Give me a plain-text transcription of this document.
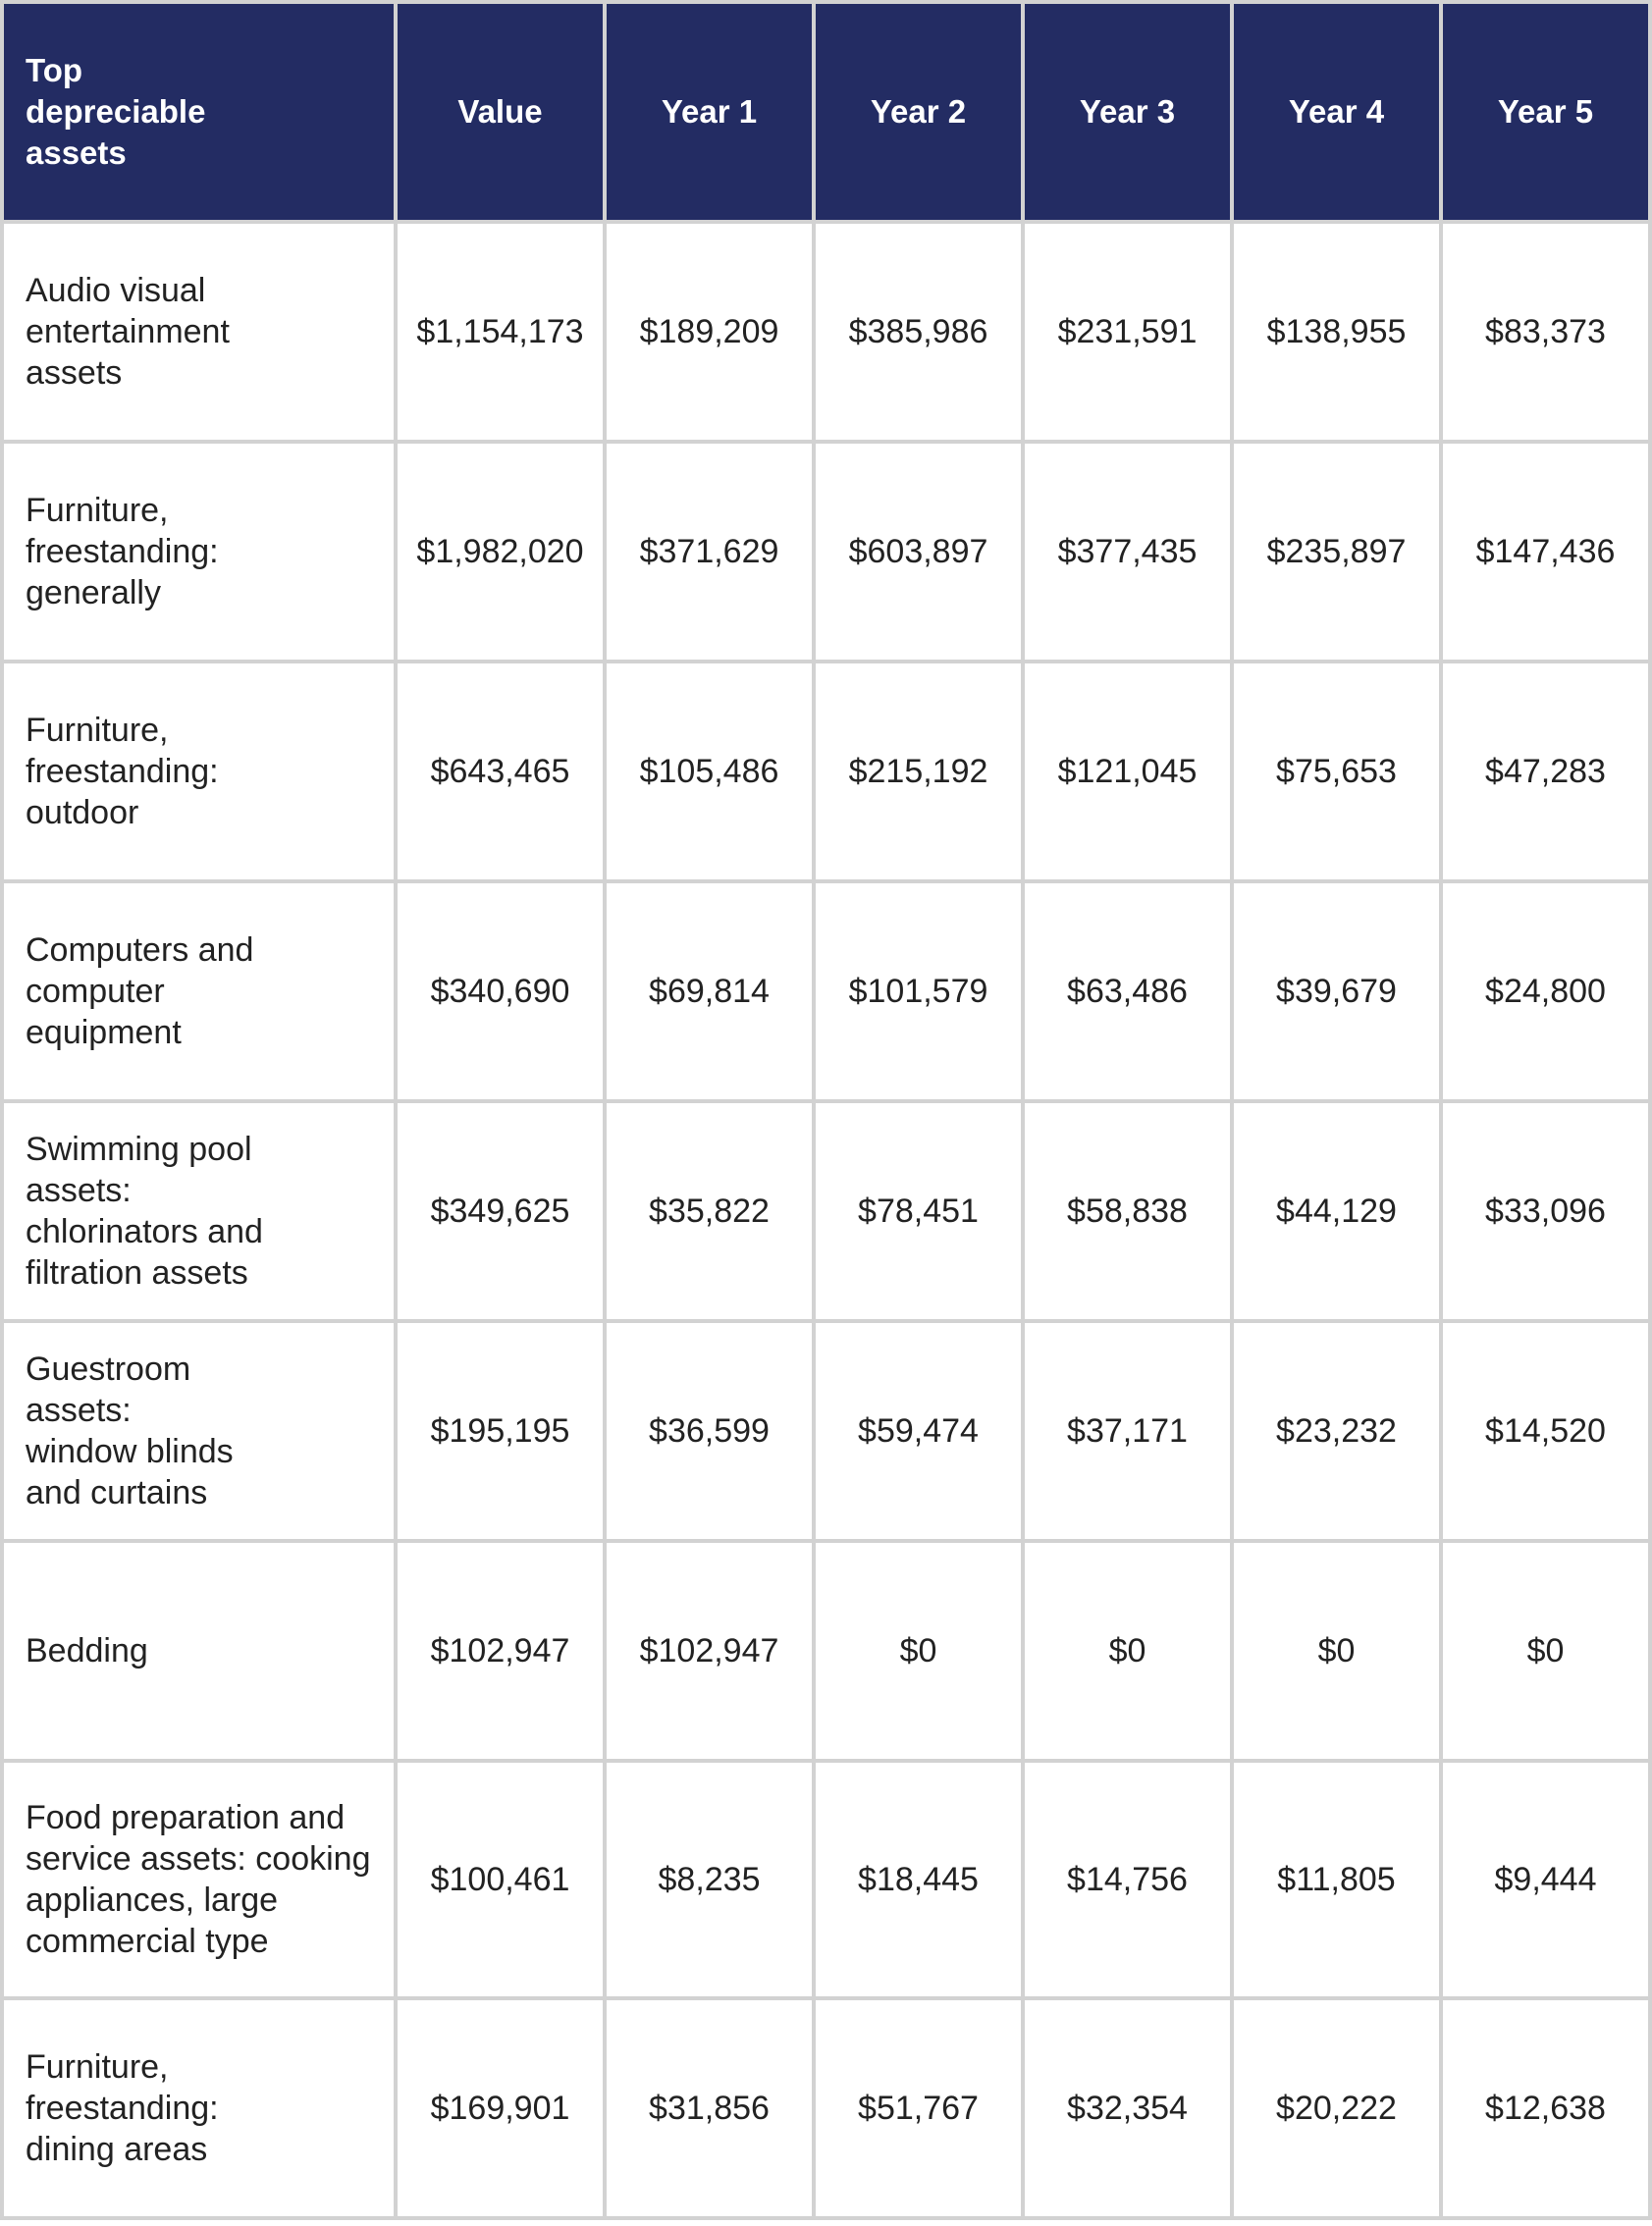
Top
depreciable
assets	Value	Year 1	Year 2	Year 3	Year 4	Year 5
Audio visual
entertainment
assets	$1,154,173	$189,209	$385,986	$231,591	$138,955	$83,373
Furniture,
freestanding:
generally	$1,982,020	$371,629	$603,897	$377,435	$235,897	$147,436
Furniture,
freestanding:
outdoor	$643,465	$105,486	$215,192	$121,045	$75,653	$47,283
Computers and
computer
equipment	$340,690	$69,814	$101,579	$63,486	$39,679	$24,800
Swimming pool
assets:
chlorinators and
filtration assets	$349,625	$35,822	$78,451	$58,838	$44,129	$33,096
Guestroom
assets:
window blinds
and curtains	$195,195	$36,599	$59,474	$37,171	$23,232	$14,520
Bedding	$102,947	$102,947	$0	$0	$0	$0
Food preparation and
service assets: cooking
appliances, large
commercial type	$100,461	$8,235	$18,445	$14,756	$11,805	$9,444
Furniture,
freestanding:
dining areas	$169,901	$31,856	$51,767	$32,354	$20,222	$12,638
